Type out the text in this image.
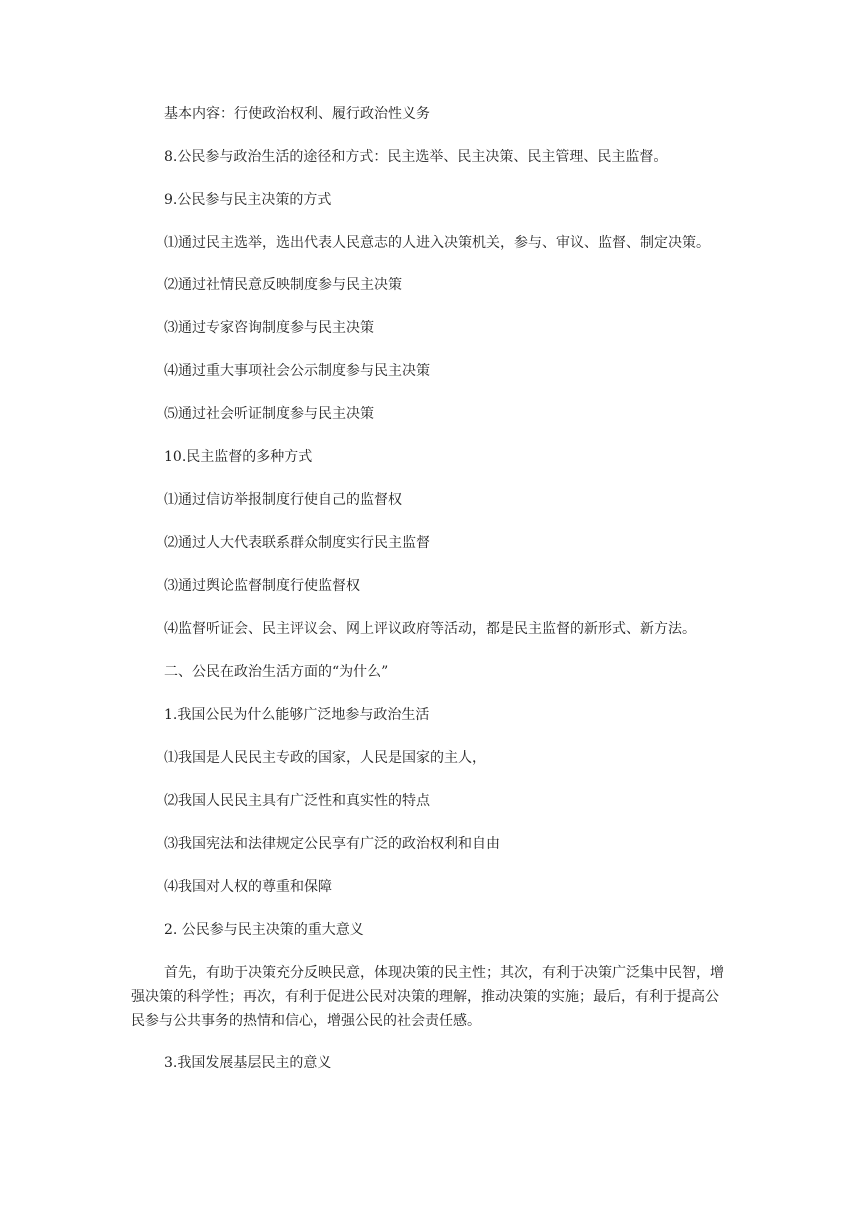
基本内容：行使政治权利、履行政治性义务

8.公民参与政治生活的途径和方式：民主选举、民主决策、民主管理、民主监督。

9.公民参与民主决策的方式

⑴通过民主选举，选出代表人民意志的人进入决策机关，参与、审议、监督、制定决策。

⑵通过社情民意反映制度参与民主决策

⑶通过专家咨询制度参与民主决策

⑷通过重大事项社会公示制度参与民主决策

⑸通过社会听证制度参与民主决策

10.民主监督的多种方式

⑴通过信访举报制度行使自己的监督权

⑵通过人大代表联系群众制度实行民主监督

⑶通过舆论监督制度行使监督权

⑷监督听证会、民主评议会、网上评议政府等活动，都是民主监督的新形式、新方法。

二、公民在政治生活方面的“为什么”

1.我国公民为什么能够广泛地参与政治生活

⑴我国是人民民主专政的国家，人民是国家的主人，

⑵我国人民民主具有广泛性和真实性的特点

⑶我国宪法和法律规定公民享有广泛的政治权利和自由

⑷我国对人权的尊重和保障

2. 公民参与民主决策的重大意义

首先，有助于决策充分反映民意，体现决策的民主性；其次，有利于决策广泛集中民智，增强决策的科学性；再次，有利于促进公民对决策的理解，推动决策的实施；最后，有利于提高公民参与公共事务的热情和信心，增强公民的社会责任感。

3.我国发展基层民主的意义
